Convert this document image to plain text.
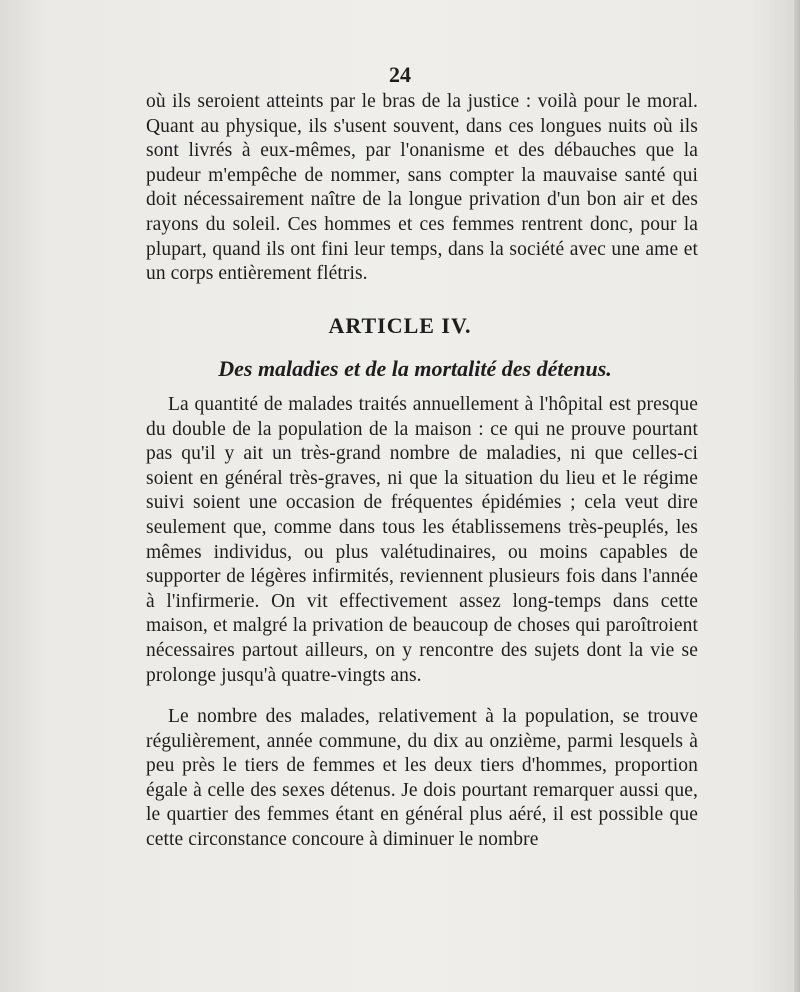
24

où ils seroient atteints par le bras de la justice : voilà pour le moral. Quant au physique, ils s'usent souvent, dans ces longues nuits où ils sont livrés à eux-mêmes, par l'onanisme et des débauches que la pudeur m'empêche de nommer, sans compter la mauvaise santé qui doit nécessairement naître de la longue privation d'un bon air et des rayons du soleil. Ces hommes et ces femmes rentrent donc, pour la plupart, quand ils ont fini leur temps, dans la société avec une ame et un corps entièrement flétris.

ARTICLE IV.
Des maladies et de la mortalité des détenus.

La quantité de malades traités annuellement à l'hôpital est presque du double de la population de la maison : ce qui ne prouve pourtant pas qu'il y ait un très-grand nombre de maladies, ni que celles-ci soient en général très-graves, ni que la situation du lieu et le régime suivi soient une occasion de fréquentes épidémies ; cela veut dire seulement que, comme dans tous les établissemens très-peuplés, les mêmes individus, ou plus valétudinaires, ou moins capables de supporter de légères infirmités, reviennent plusieurs fois dans l'année à l'infirmerie. On vit effectivement assez long-temps dans cette maison, et malgré la privation de beaucoup de choses qui paroîtroient nécessaires partout ailleurs, on y rencontre des sujets dont la vie se prolonge jusqu'à quatre-vingts ans.

Le nombre des malades, relativement à la population, se trouve régulièrement, année commune, du dix au onzième, parmi lesquels à peu près le tiers de femmes et les deux tiers d'hommes, proportion égale à celle des sexes détenus. Je dois pourtant remarquer aussi que, le quartier des femmes étant en général plus aéré, il est possible que cette circonstance concoure à diminuer le nombre
